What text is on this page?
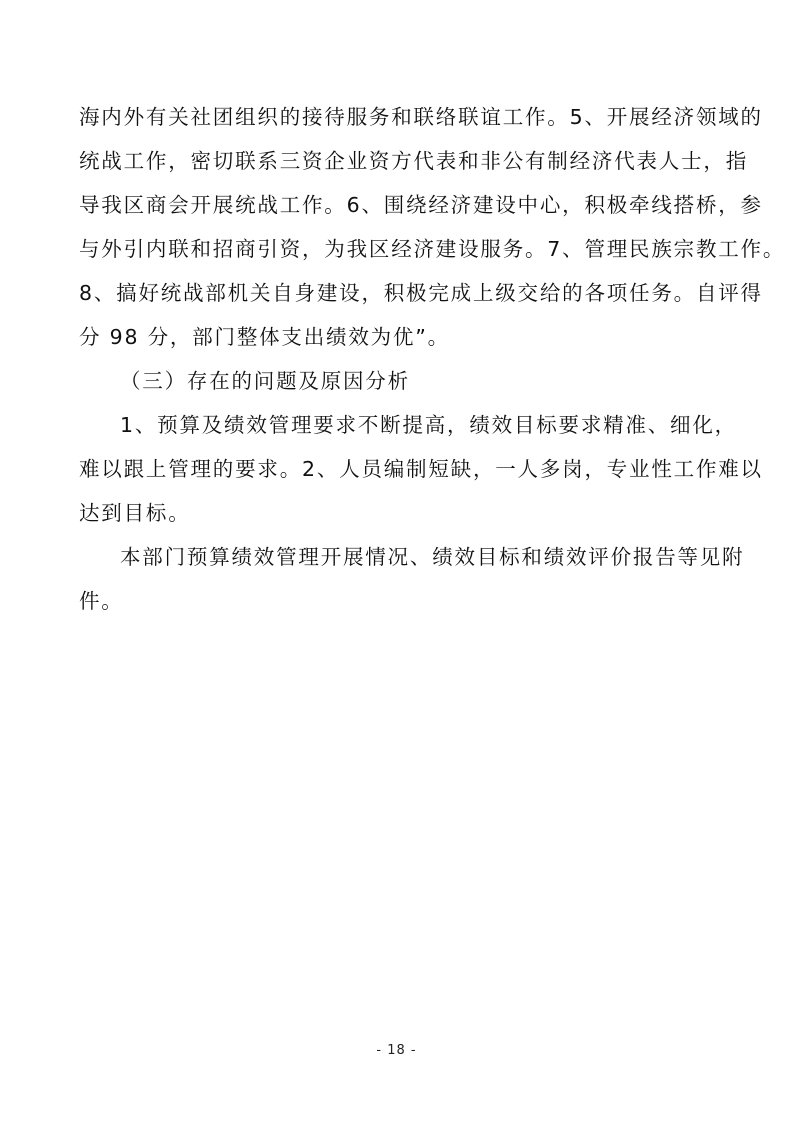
海内外有关社团组织的接待服务和联络联谊工作。5、开展经济领域的
统战工作，密切联系三资企业资方代表和非公有制经济代表人士，指
导我区商会开展统战工作。6、围绕经济建设中心，积极牵线搭桥，参
与外引内联和招商引资，为我区经济建设服务。7、管理民族宗教工作。
8、搞好统战部机关自身建设，积极完成上级交给的各项任务。自评得
分 98 分，部门整体支出绩效为优”。
（三）存在的问题及原因分析
1、预算及绩效管理要求不断提高，绩效目标要求精准、细化，
难以跟上管理的要求。2、人员编制短缺，一人多岗，专业性工作难以
达到目标。
本部门预算绩效管理开展情况、绩效目标和绩效评价报告等见附
件。
- 18 -
